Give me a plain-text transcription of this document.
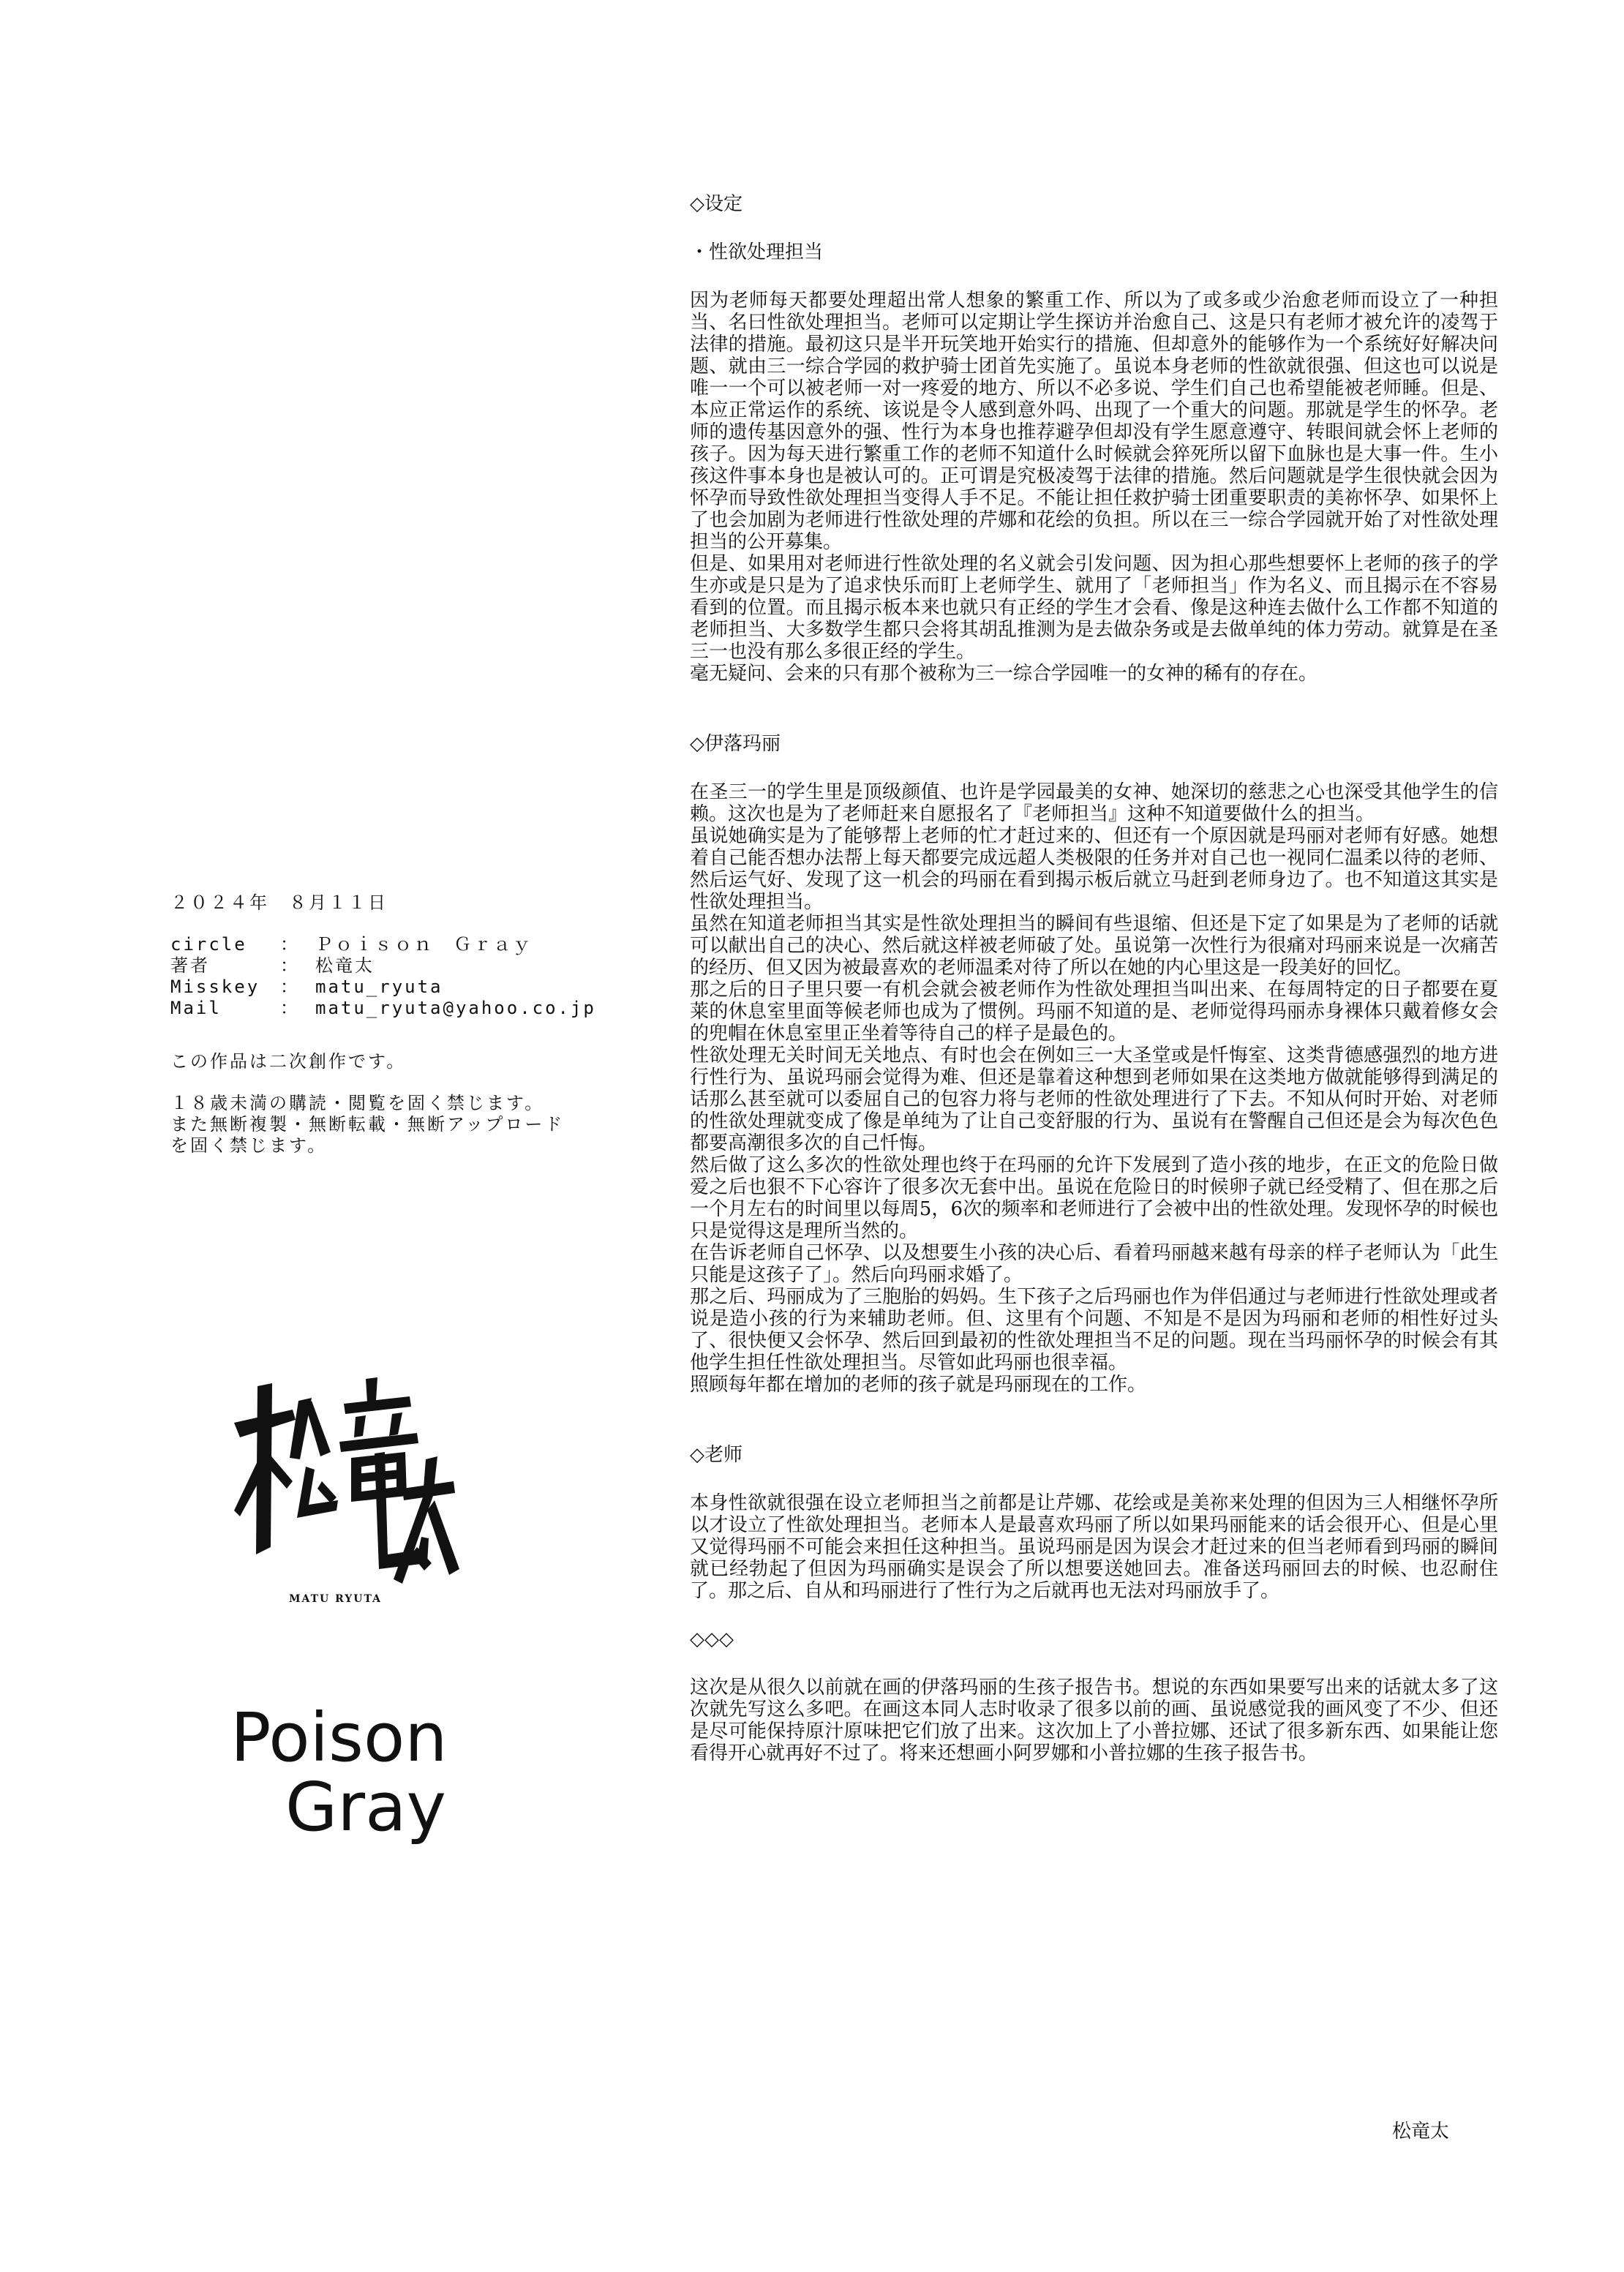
２０２４年　８月１１日
circle	：	Ｐｏｉｓｏｎ　Ｇｒａｙ
著者	：	松竜太
Misskey	：	matu_ryuta
Mail	：	matu_ryuta@yahoo.co.jp
この作品は二次創作です。
１８歳未満の購読・閲覧を固く禁じます。
また無断複製・無断転載・無断アップロード
を固く禁じます。
MATU RYUTA
Poison
Gray

◇设定

・性欲处理担当

因为老师每天都要处理超出常人想象的繁重工作、所以为了或多或少治愈老师而设立了一种担当、名曰性欲处理担当。老师可以定期让学生探访并治愈自己、这是只有老师才被允许的凌驾于法律的措施。最初这只是半开玩笑地开始实行的措施、但却意外的能够作为一个系统好好解决问题、就由三一综合学园的救护骑士团首先实施了。虽说本身老师的性欲就很强、但这也可以说是唯一一个可以被老师一对一疼爱的地方、所以不必多说、学生们自己也希望能被老师睡。但是、本应正常运作的系统、该说是令人感到意外吗、出现了一个重大的问题。那就是学生的怀孕。老师的遗传基因意外的强、性行为本身也推荐避孕但却没有学生愿意遵守、转眼间就会怀上老师的孩子。因为每天进行繁重工作的老师不知道什么时候就会猝死所以留下血脉也是大事一件。生小孩这件事本身也是被认可的。正可谓是究极凌驾于法律的措施。然后问题就是学生很快就会因为怀孕而导致性欲处理担当变得人手不足。不能让担任救护骑士团重要职责的美祢怀孕、如果怀上了也会加剧为老师进行性欲处理的芹娜和花绘的负担。所以在三一综合学园就开始了对性欲处理担当的公开募集。

但是、如果用对老师进行性欲处理的名义就会引发问题、因为担心那些想要怀上老师的孩子的学生亦或是只是为了追求快乐而盯上老师学生、就用了「老师担当」作为名义、而且揭示在不容易看到的位置。而且揭示板本来也就只有正经的学生才会看、像是这种连去做什么工作都不知道的老师担当、大多数学生都只会将其胡乱推测为是去做杂务或是去做单纯的体力劳动。就算是在圣三一也没有那么多很正经的学生。

毫无疑问、会来的只有那个被称为三一综合学园唯一的女神的稀有的存在。

◇伊落玛丽

在圣三一的学生里是顶级颜值、也许是学园最美的女神、她深切的慈悲之心也深受其他学生的信赖。这次也是为了老师赶来自愿报名了『老师担当』这种不知道要做什么的担当。

虽说她确实是为了能够帮上老师的忙才赶过来的、但还有一个原因就是玛丽对老师有好感。她想着自己能否想办法帮上每天都要完成远超人类极限的任务并对自己也一视同仁温柔以待的老师、然后运气好、发现了这一机会的玛丽在看到揭示板后就立马赶到老师身边了。也不知道这其实是性欲处理担当。

虽然在知道老师担当其实是性欲处理担当的瞬间有些退缩、但还是下定了如果是为了老师的话就可以献出自己的决心、然后就这样被老师破了处。虽说第一次性行为很痛对玛丽来说是一次痛苦的经历、但又因为被最喜欢的老师温柔对待了所以在她的内心里这是一段美好的回忆。

那之后的日子里只要一有机会就会被老师作为性欲处理担当叫出来、在每周特定的日子都要在夏莱的休息室里面等候老师也成为了惯例。玛丽不知道的是、老师觉得玛丽赤身裸体只戴着修女会的兜帽在休息室里正坐着等待自己的样子是最色的。

性欲处理无关时间无关地点、有时也会在例如三一大圣堂或是忏悔室、这类背德感强烈的地方进行性行为、虽说玛丽会觉得为难、但还是靠着这种想到老师如果在这类地方做就能够得到满足的话那么甚至就可以委屈自己的包容力将与老师的性欲处理进行了下去。不知从何时开始、对老师的性欲处理就变成了像是单纯为了让自己变舒服的行为、虽说有在警醒自己但还是会为每次色色都要高潮很多次的自己忏悔。

然后做了这么多次的性欲处理也终于在玛丽的允许下发展到了造小孩的地步，在正文的危险日做爱之后也狠不下心容许了很多次无套中出。虽说在危险日的时候卵子就已经受精了、但在那之后一个月左右的时间里以每周5，6次的频率和老师进行了会被中出的性欲处理。发现怀孕的时候也只是觉得这是理所当然的。

在告诉老师自己怀孕、以及想要生小孩的决心后、看着玛丽越来越有母亲的样子老师认为「此生只能是这孩子了」。然后向玛丽求婚了。

那之后、玛丽成为了三胞胎的妈妈。生下孩子之后玛丽也作为伴侣通过与老师进行性欲处理或者说是造小孩的行为来辅助老师。但、这里有个问题、不知是不是因为玛丽和老师的相性好过头了、很快便又会怀孕、然后回到最初的性欲处理担当不足的问题。现在当玛丽怀孕的时候会有其他学生担任性欲处理担当。尽管如此玛丽也很幸福。

照顾每年都在增加的老师的孩子就是玛丽现在的工作。

◇老师

本身性欲就很强在设立老师担当之前都是让芹娜、花绘或是美祢来处理的但因为三人相继怀孕所以才设立了性欲处理担当。老师本人是最喜欢玛丽了所以如果玛丽能来的话会很开心、但是心里又觉得玛丽不可能会来担任这种担当。虽说玛丽是因为误会才赶过来的但当老师看到玛丽的瞬间就已经勃起了但因为玛丽确实是误会了所以想要送她回去。准备送玛丽回去的时候、也忍耐住了。那之后、自从和玛丽进行了性行为之后就再也无法对玛丽放手了。

◇◇◇

这次是从很久以前就在画的伊落玛丽的生孩子报告书。想说的东西如果要写出来的话就太多了这次就先写这么多吧。在画这本同人志时收录了很多以前的画、虽说感觉我的画风变了不少、但还是尽可能保持原汁原味把它们放了出来。这次加上了小普拉娜、还试了很多新东西、如果能让您看得开心就再好不过了。将来还想画小阿罗娜和小普拉娜的生孩子报告书。

松竜太
